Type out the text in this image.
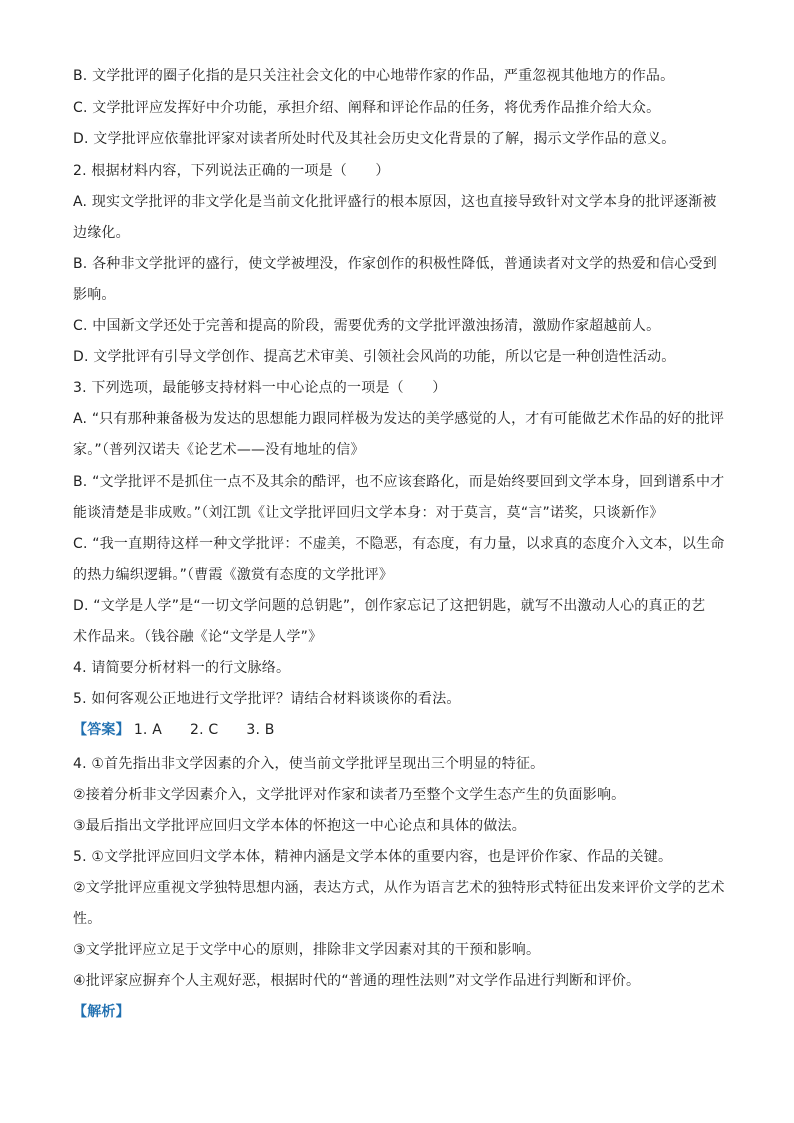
B. 文学批评的圈子化指的是只关注社会文化的中心地带作家的作品，严重忽视其他地方的作品。
C. 文学批评应发挥好中介功能，承担介绍、阐释和评论作品的任务，将优秀作品推介给大众。
D. 文学批评应依靠批评家对读者所处时代及其社会历史文化背景的了解，揭示文学作品的意义。
2. 根据材料内容，下列说法正确的一项是（　　）
A. 现实文学批评的非文学化是当前文化批评盛行的根本原因，这也直接导致针对文学本身的批评逐渐被
边缘化。
B. 各种非文学批评的盛行，使文学被埋没，作家创作的积极性降低，普通读者对文学的热爱和信心受到
影响。
C. 中国新文学还处于完善和提高的阶段，需要优秀的文学批评激浊扬清，激励作家超越前人。
D. 文学批评有引导文学创作、提高艺术审美、引领社会风尚的功能，所以它是一种创造性活动。
3. 下列选项，最能够支持材料一中心论点的一项是（　　）
A. “只有那种兼备极为发达的思想能力跟同样极为发达的美学感觉的人，才有可能做艺术作品的好的批评
家。”（普列汉诺夫《论艺术——没有地址的信》
B. “文学批评不是抓住一点不及其余的酷评，也不应该套路化，而是始终要回到文学本身，回到谱系中才
能谈清楚是非成败。”（刘江凯《让文学批评回归文学本身：对于莫言，莫“言”诺奖，只谈新作》
C. “我一直期待这样一种文学批评：不虚美，不隐恶，有态度，有力量，以求真的态度介入文本，以生命
的热力编织逻辑。”（曹霞《激赏有态度的文学批评》
D. “文学是人学”是“一切文学问题的总钥匙”，创作家忘记了这把钥匙，就写不出激动人心的真正的艺
术作品来。（钱谷融《论“文学是人学”》
4. 请简要分析材料一的行文脉络。
5. 如何客观公正地进行文学批评？请结合材料谈谈你的看法。
【答案】 1. A 2. C 3. B
4. ①首先指出非文学因素的介入，使当前文学批评呈现出三个明显的特征。
②接着分析非文学因素介入，文学批评对作家和读者乃至整个文学生态产生的负面影响。
③最后指出文学批评应回归文学本体的怀抱这一中心论点和具体的做法。
5. ①文学批评应回归文学本体，精神内涵是文学本体的重要内容，也是评价作家、作品的关键。
②文学批评应重视文学独特思想内涵，表达方式，从作为语言艺术的独特形式特征出发来评价文学的艺术
性。
③文学批评应立足于文学中心的原则，排除非文学因素对其的干预和影响。
④批评家应摒弃个人主观好恶，根据时代的“普通的理性法则”对文学作品进行判断和评价。
【解析】
